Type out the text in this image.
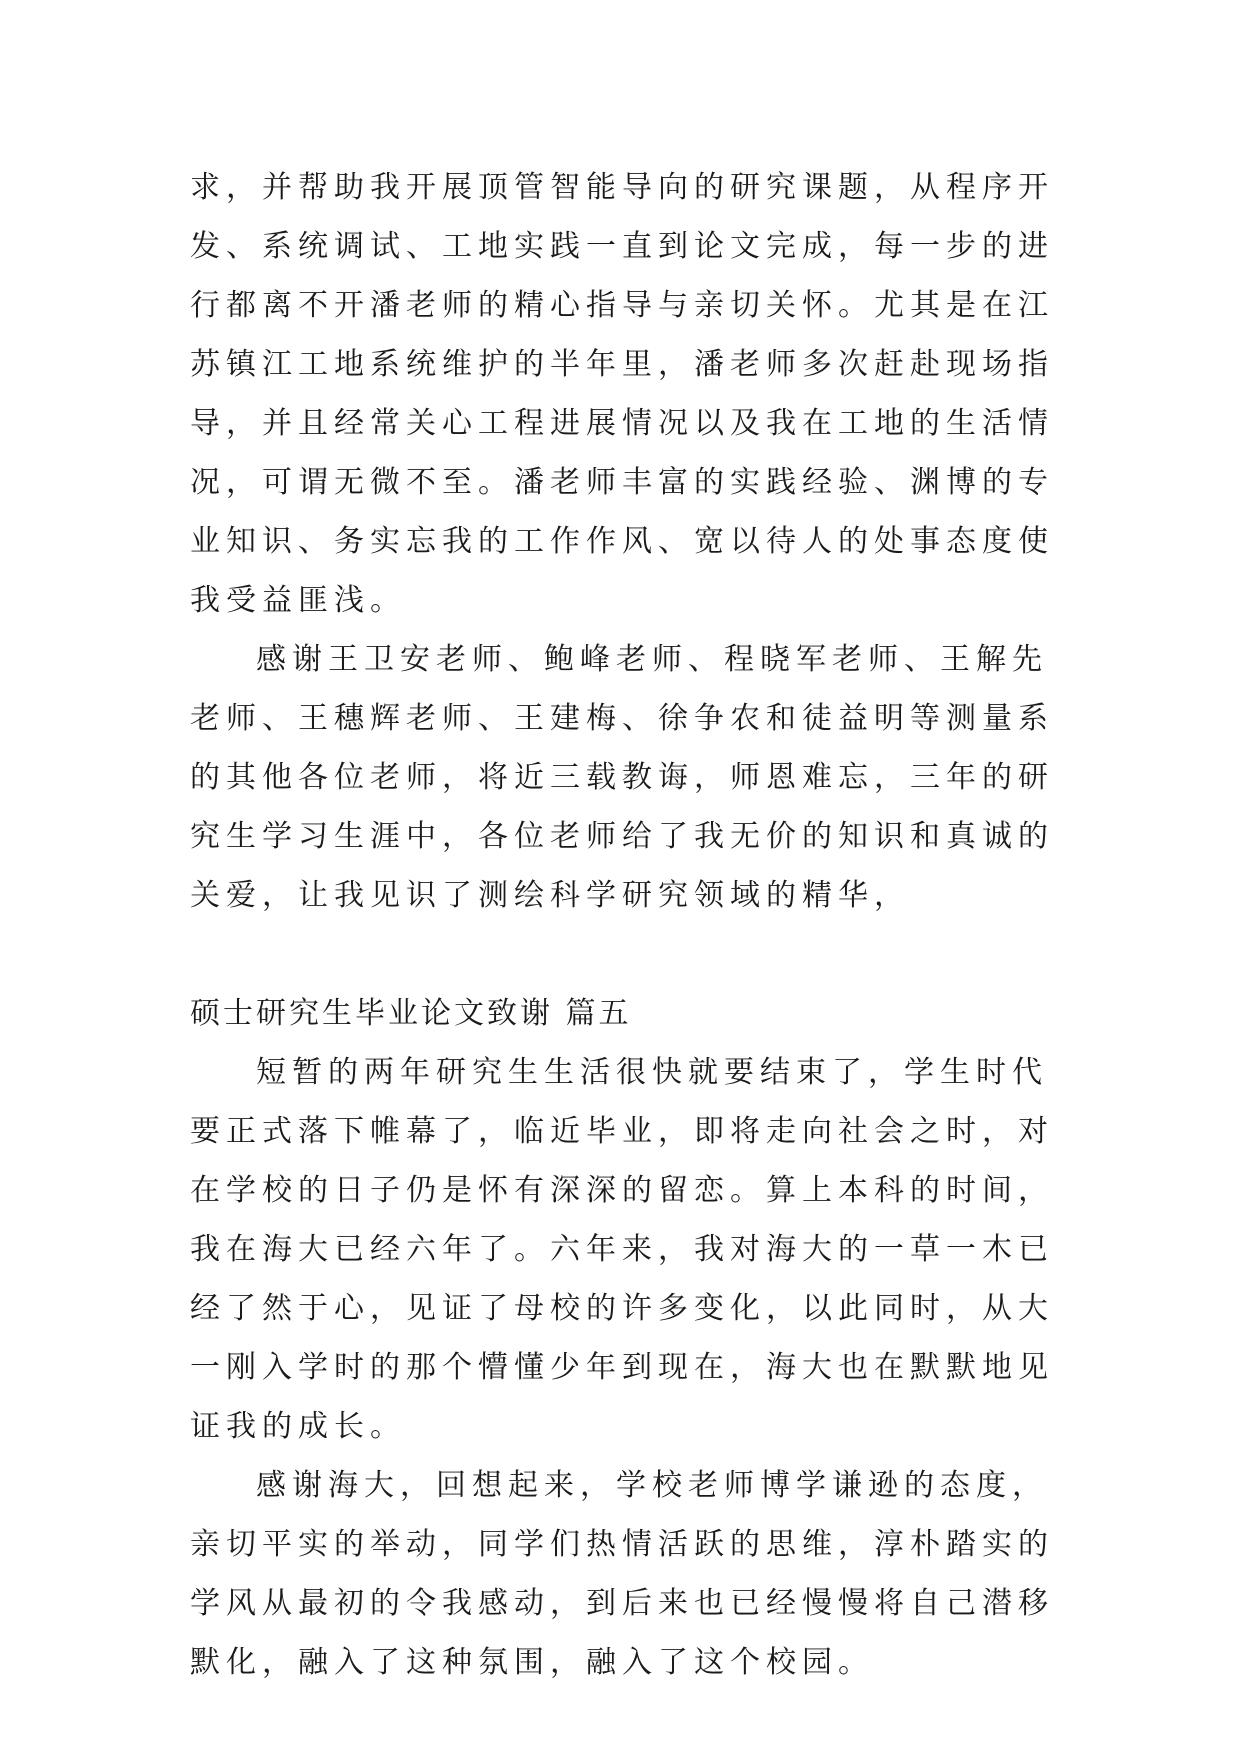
求，并帮助我开展顶管智能导向的研究课题，从程序开发、系统调试、工地实践一直到论文完成，每一步的进行都离不开潘老师的精心指导与亲切关怀。尤其是在江苏镇江工地系统维护的半年里，潘老师多次赶赴现场指导，并且经常关心工程进展情况以及我在工地的生活情况，可谓无微不至。潘老师丰富的实践经验、渊博的专业知识、务实忘我的工作作风、宽以待人的处事态度使我受益匪浅。

感谢王卫安老师、鲍峰老师、程晓军老师、王解先老师、王穗辉老师、王建梅、徐争农和徒益明等测量系的其他各位老师，将近三载教诲，师恩难忘，三年的研究生学习生涯中，各位老师给了我无价的知识和真诚的关爱，让我见识了测绘科学研究领域的精华，

硕士研究生毕业论文致谢 篇五

短暂的两年研究生生活很快就要结束了，学生时代要正式落下帷幕了，临近毕业，即将走向社会之时，对在学校的日子仍是怀有深深的留恋。算上本科的时间，我在海大已经六年了。六年来，我对海大的一草一木已经了然于心，见证了母校的许多变化，以此同时，从大一刚入学时的那个懵懂少年到现在，海大也在默默地见证我的成长。

感谢海大，回想起来，学校老师博学谦逊的态度，亲切平实的举动，同学们热情活跃的思维，淳朴踏实的学风从最初的令我感动，到后来也已经慢慢将自己潜移默化，融入了这种氛围，融入了这个校园。
